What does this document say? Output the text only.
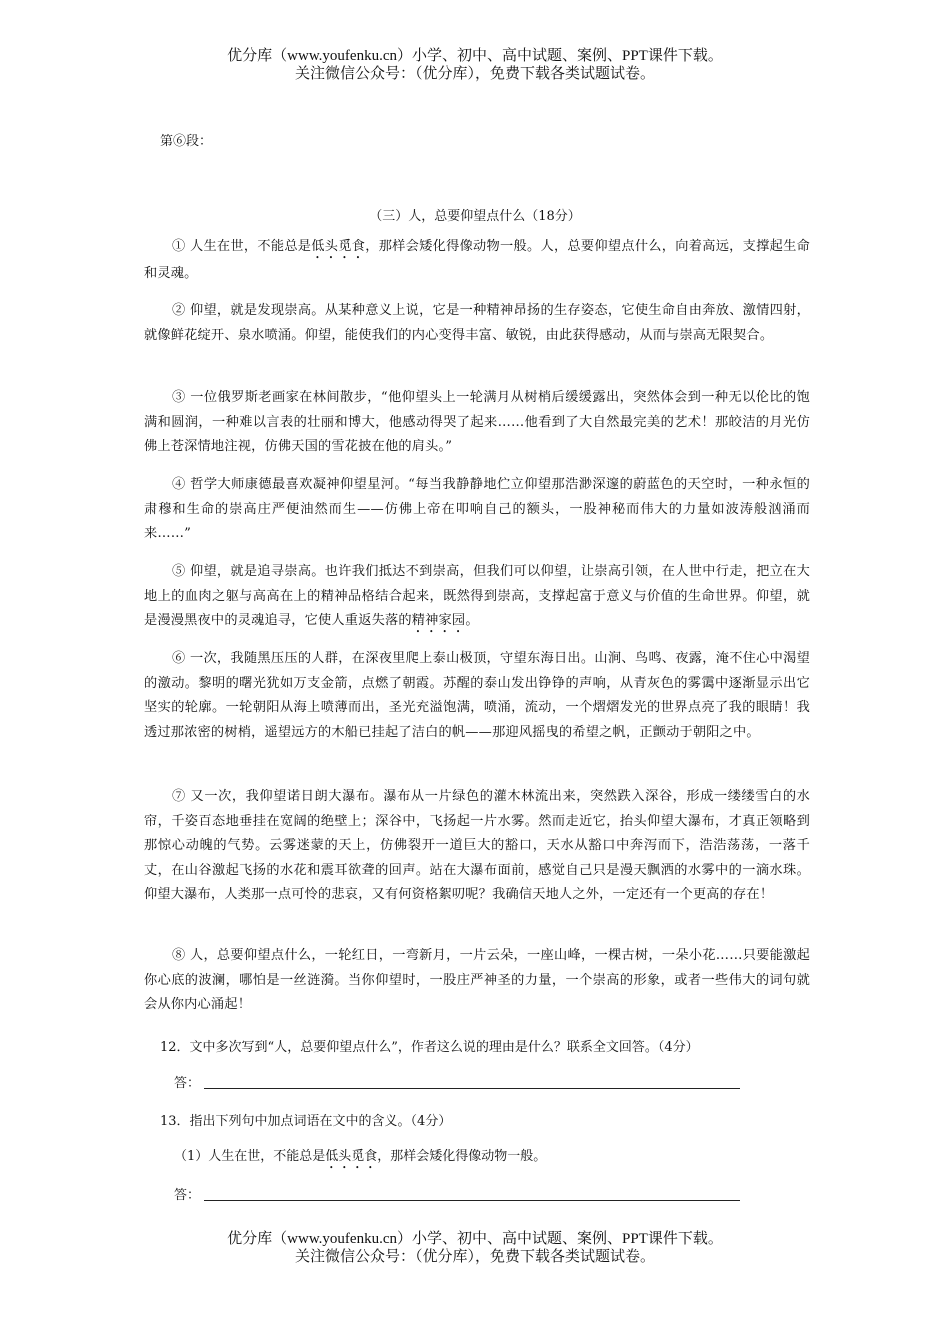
优分库（www.youfenku.cn）小学、初中、高中试题、案例、PPT课件下载。
关注微信公众号：（优分库），免费下载各类试题试卷。
第⑥段：
（三）人，总要仰望点什么（18分）
① 人生在世，不能总是低头觅食，那样会矮化得像动物一般。人，总要仰望点什么，向着高远，支撑起生命和灵魂。
② 仰望，就是发现崇高。从某种意义上说，它是一种精神昂扬的生存姿态，它使生命自由奔放、激情四射，就像鲜花绽开、泉水喷涌。仰望，能使我们的内心变得丰富、敏锐，由此获得感动，从而与崇高无限契合。
③ 一位俄罗斯老画家在林间散步，“他仰望头上一轮满月从树梢后缓缓露出，突然体会到一种无以伦比的饱满和圆润，一种难以言表的壮丽和博大，他感动得哭了起来……他看到了大自然最完美的艺术！那皎洁的月光仿佛上苍深情地注视，仿佛天国的雪花披在他的肩头。”
④ 哲学大师康德最喜欢凝神仰望星河。“每当我静静地伫立仰望那浩渺深邃的蔚蓝色的天空时，一种永恒的肃穆和生命的崇高庄严便油然而生——仿佛上帝在叩响自己的额头，一股神秘而伟大的力量如波涛般汹涌而来……”
⑤ 仰望，就是追寻崇高。也许我们抵达不到崇高，但我们可以仰望，让崇高引领，在人世中行走，把立在大地上的血肉之躯与高高在上的精神品格结合起来，既然得到崇高，支撑起富于意义与价值的生命世界。仰望，就是漫漫黑夜中的灵魂追寻，它使人重返失落的精神家园。
⑥ 一次，我随黑压压的人群，在深夜里爬上泰山极顶，守望东海日出。山涧、鸟鸣、夜露，淹不住心中渴望的激动。黎明的曙光犹如万支金箭，点燃了朝霞。苏醒的泰山发出铮铮的声响，从青灰色的雾霭中逐渐显示出它坚实的轮廓。一轮朝阳从海上喷薄而出，圣光充溢饱满，喷涌，流动，一个熠熠发光的世界点亮了我的眼睛！我透过那浓密的树梢，遥望远方的木船已挂起了洁白的帆——那迎风摇曳的希望之帆，正颤动于朝阳之中。
⑦ 又一次，我仰望诺日朗大瀑布。瀑布从一片绿色的灌木林流出来，突然跌入深谷，形成一缕缕雪白的水帘，千姿百态地垂挂在宽阔的绝壁上；深谷中，飞扬起一片水雾。然而走近它，抬头仰望大瀑布，才真正领略到那惊心动魄的气势。云雾迷蒙的天上，仿佛裂开一道巨大的豁口，天水从豁口中奔泻而下，浩浩荡荡，一落千丈，在山谷激起飞扬的水花和震耳欲聋的回声。站在大瀑布面前，感觉自己只是漫天飘洒的水雾中的一滴水珠。仰望大瀑布，人类那一点可怜的悲哀，又有何资格絮叨呢？我确信天地人之外，一定还有一个更高的存在！
⑧ 人，总要仰望点什么，一轮红日，一弯新月，一片云朵，一座山峰，一棵古树，一朵小花……只要能激起你心底的波澜，哪怕是一丝涟漪。当你仰望时，一股庄严神圣的力量，一个崇高的形象，或者一些伟大的词句就会从你内心涌起！
12．文中多次写到“人，总要仰望点什么”，作者这么说的理由是什么？联系全文回答。（4分）
答：
13．指出下列句中加点词语在文中的含义。（4分）
（1）人生在世，不能总是低头觅食，那样会矮化得像动物一般。
答：
优分库（www.youfenku.cn）小学、初中、高中试题、案例、PPT课件下载。
关注微信公众号：（优分库），免费下载各类试题试卷。
